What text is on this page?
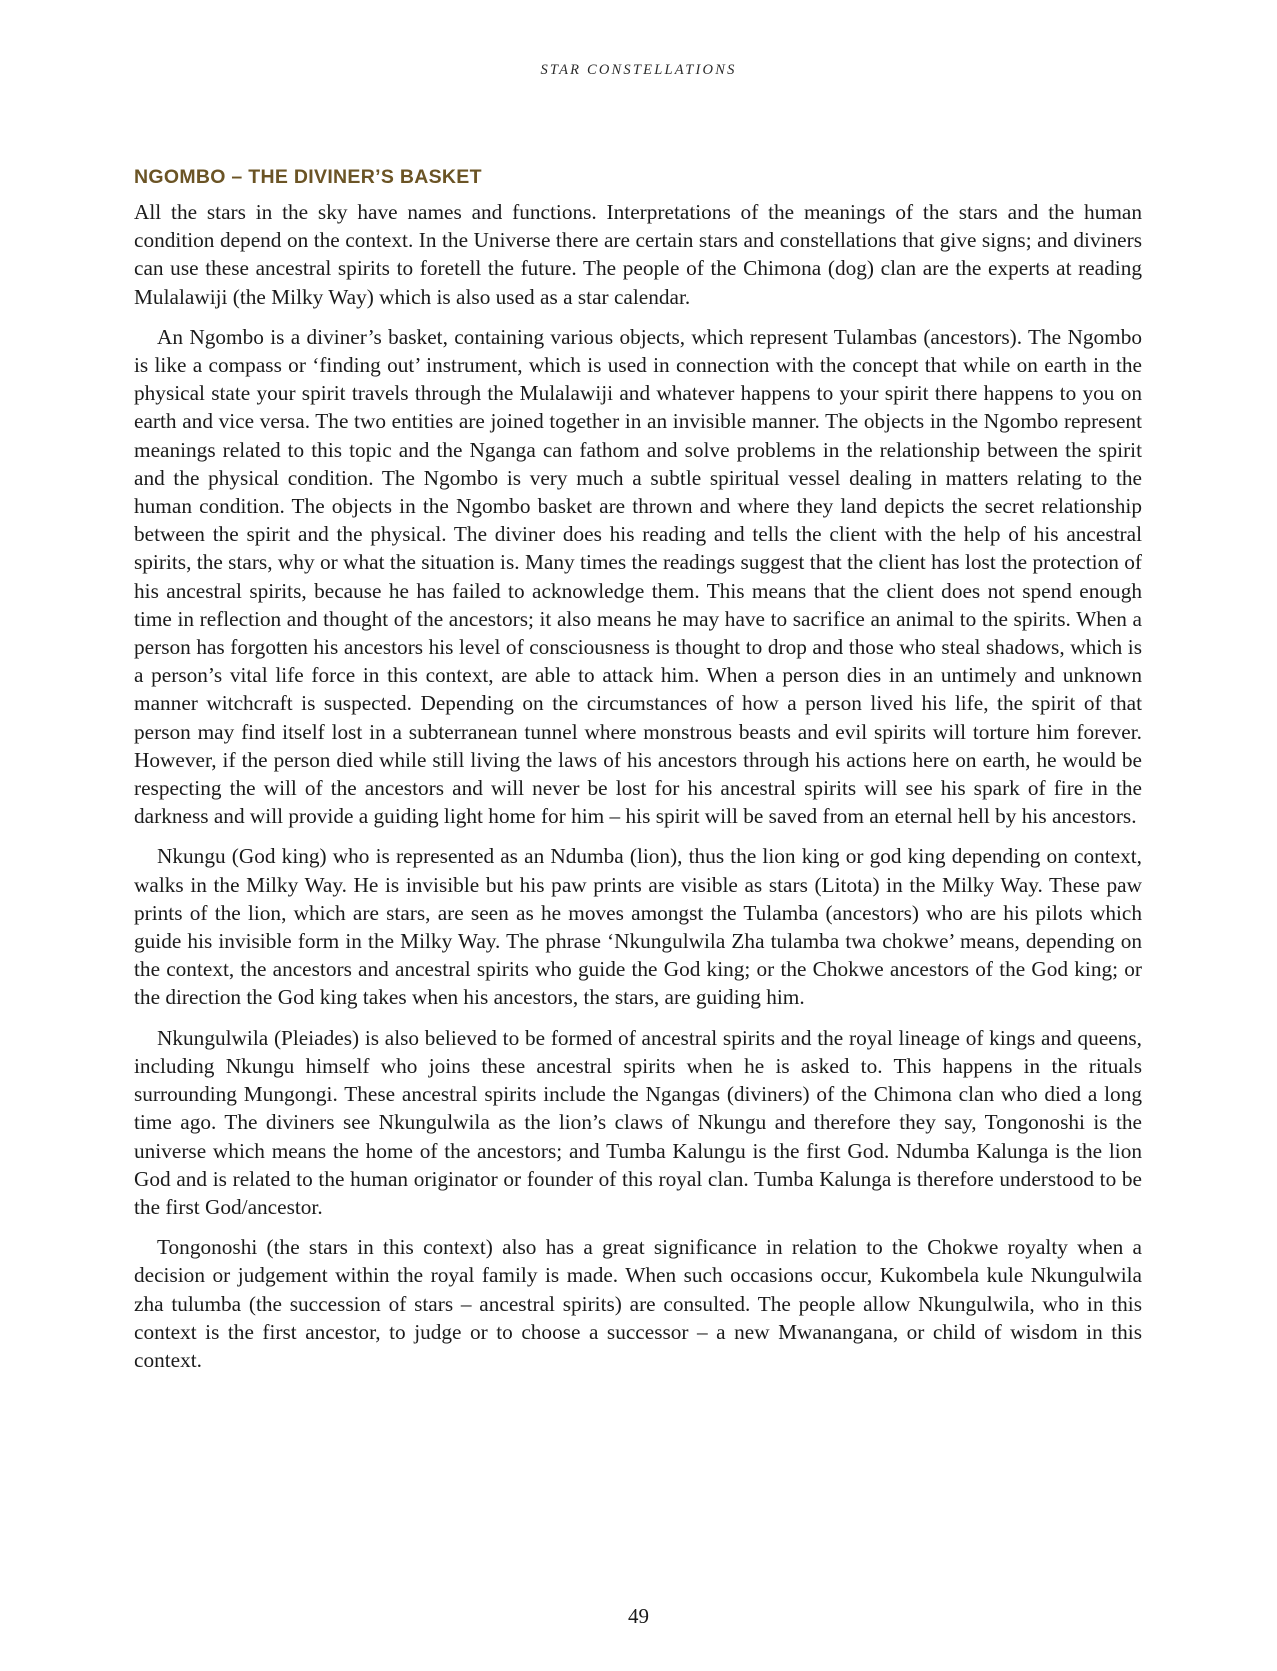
STAR CONSTELLATIONS
NGOMBO – THE DIVINER’S BASKET

All the stars in the sky have names and functions. Interpretations of the meanings of the stars and the human condition depend on the context. In the Universe there are certain stars and constellations that give signs; and diviners can use these ancestral spirits to foretell the future. The people of the Chimona (dog) clan are the experts at reading Mulalawiji (the Milky Way) which is also used as a star calendar.

An Ngombo is a diviner’s basket, containing various objects, which represent Tulambas (ancestors). The Ngombo is like a compass or ‘finding out’ instrument, which is used in connection with the concept that while on earth in the physical state your spirit travels through the Mulalawiji and whatever happens to your spirit there happens to you on earth and vice versa. The two entities are joined together in an invisible manner. The objects in the Ngombo represent meanings related to this topic and the Nganga can fathom and solve problems in the relationship between the spirit and the physical condition. The Ngombo is very much a subtle spiritual vessel dealing in matters relating to the human condition. The objects in the Ngombo basket are thrown and where they land depicts the secret relationship between the spirit and the physical. The diviner does his reading and tells the client with the help of his ancestral spirits, the stars, why or what the situation is. Many times the readings suggest that the client has lost the protection of his ancestral spirits, because he has failed to acknowledge them. This means that the client does not spend enough time in reflection and thought of the ancestors; it also means he may have to sacrifice an animal to the spirits. When a person has forgotten his ancestors his level of consciousness is thought to drop and those who steal shadows, which is a person’s vital life force in this context, are able to attack him. When a person dies in an untimely and unknown manner witchcraft is suspected. Depending on the circumstances of how a person lived his life, the spirit of that person may find itself lost in a subterranean tunnel where monstrous beasts and evil spirits will torture him forever. However, if the person died while still living the laws of his ancestors through his actions here on earth, he would be respecting the will of the ancestors and will never be lost for his ancestral spirits will see his spark of fire in the darkness and will provide a guiding light home for him – his spirit will be saved from an eternal hell by his ancestors.

Nkungu (God king) who is represented as an Ndumba (lion), thus the lion king or god king depending on context, walks in the Milky Way. He is invisible but his paw prints are visible as stars (Litota) in the Milky Way. These paw prints of the lion, which are stars, are seen as he moves amongst the Tulamba (ancestors) who are his pilots which guide his invisible form in the Milky Way. The phrase ‘Nkungulwila Zha tulamba twa chokwe’ means, depending on the context, the ancestors and ancestral spirits who guide the God king; or the Chokwe ancestors of the God king; or the direction the God king takes when his ancestors, the stars, are guiding him.

Nkungulwila (Pleiades) is also believed to be formed of ancestral spirits and the royal lineage of kings and queens, including Nkungu himself who joins these ancestral spirits when he is asked to. This happens in the rituals surrounding Mungongi. These ancestral spirits include the Ngangas (diviners) of the Chimona clan who died a long time ago. The diviners see Nkungulwila as the lion’s claws of Nkungu and therefore they say, Tongonoshi is the universe which means the home of the ancestors; and Tumba Kalungu is the first God. Ndumba Kalunga is the lion God and is related to the human originator or founder of this royal clan. Tumba Kalunga is therefore understood to be the first God/ancestor.

Tongonoshi (the stars in this context) also has a great significance in relation to the Chokwe royalty when a decision or judgement within the royal family is made. When such occasions occur, Kukombela kule Nkungulwila zha tulumba (the succession of stars – ancestral spirits) are consulted. The people allow Nkungulwila, who in this context is the first ancestor, to judge or to choose a successor – a new Mwanangana, or child of wisdom in this context.

49
